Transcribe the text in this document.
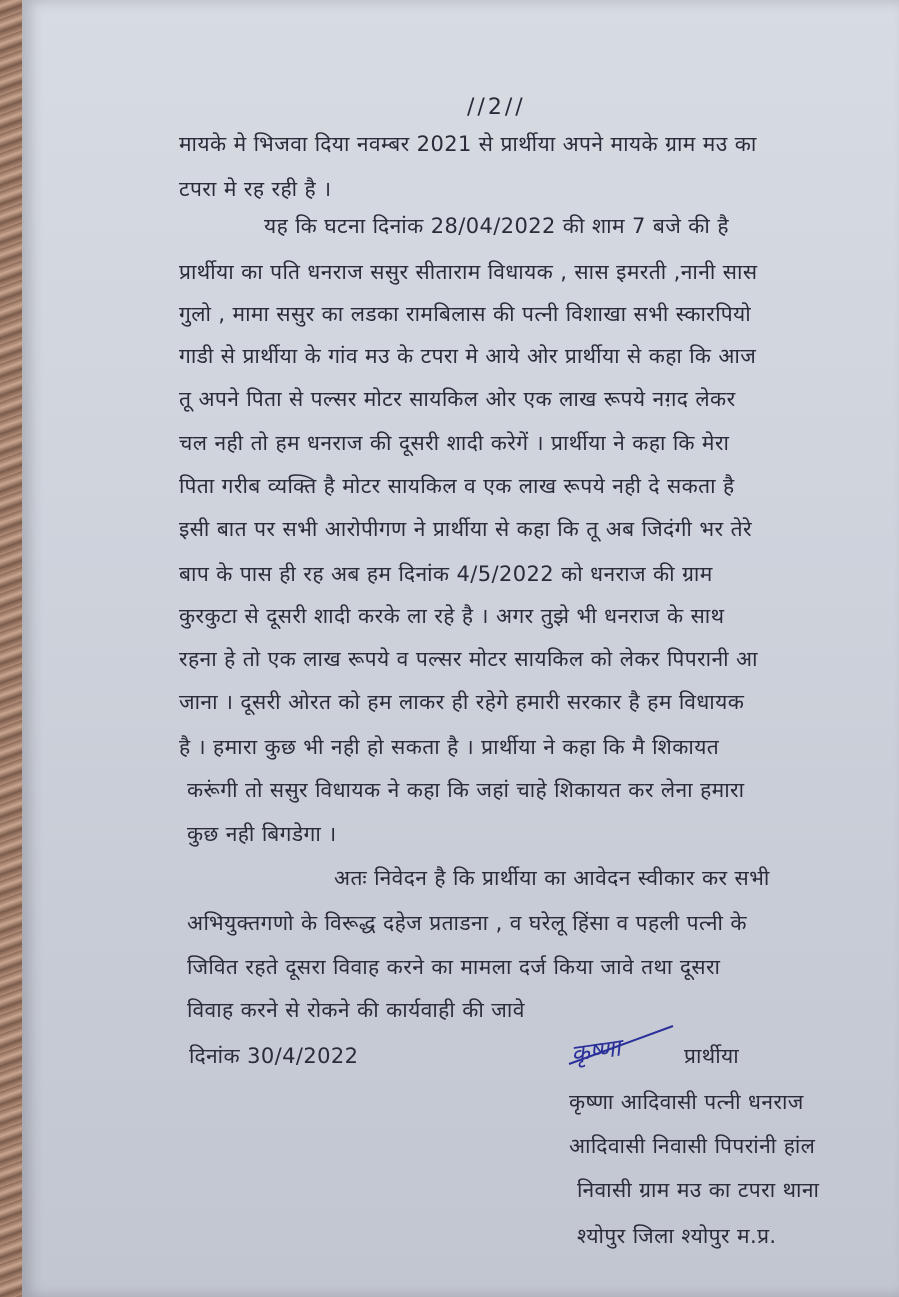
//2//
मायके मे भिजवा दिया नवम्बर 2021 से प्रार्थीया अपने मायके ग्राम मउ का
टपरा मे रह रही है ।
यह कि घटना दिनांक 28/04/2022 की शाम 7 बजे की है
प्रार्थीया का पति धनराज ससुर सीताराम विधायक , सास इमरती ,नानी सास
गुलो , मामा ससुर का लडका रामबिलास की पत्नी विशाखा सभी स्कारपियो
गाडी से प्रार्थीया के गांव मउ के टपरा मे आये ओर प्रार्थीया से कहा कि आज
तू अपने पिता से पल्सर मोटर सायकिल ओर एक लाख रूपये नग़द लेकर
चल नही तो हम धनराज की दूसरी शादी करेगें । प्रार्थीया ने कहा कि मेरा
पिता गरीब व्यक्ति है मोटर सायकिल व एक लाख रूपये नही दे सकता है
इसी बात पर सभी आरोपीगण ने प्रार्थीया से कहा कि तू अब जिदंगी भर तेरे
बाप के पास ही रह अब हम दिनांक 4/5/2022 को धनराज की ग्राम
कुरकुटा से दूसरी शादी करके ला रहे है । अगर तुझे भी धनराज के साथ
रहना हे तो एक लाख रूपये व पल्सर मोटर सायकिल को लेकर पिपरानी आ
जाना । दूसरी ओरत को हम लाकर ही रहेगे हमारी सरकार है हम विधायक
है । हमारा कुछ भी नही हो सकता है । प्रार्थीया ने कहा कि मै शिकायत
करूंगी तो ससुर विधायक ने कहा कि जहां चाहे शिकायत कर लेना हमारा
कुछ नही बिगडेगा ।
अतः निवेदन है कि प्रार्थीया का आवेदन स्वीकार कर सभी
अभियुक्तगणो के विरूद्ध दहेज प्रताडना , व घरेलू हिंसा व पहली पत्नी के
जिवित रहते दूसरा विवाह करने का मामला दर्ज किया जावे तथा दूसरा
विवाह करने से रोकने की कार्यवाही की जावे
दिनांक 30/4/2022	कृष्णा	प्रार्थीया
कृष्णा आदिवासी पत्नी धनराज
आदिवासी निवासी पिपरांनी हांल
निवासी ग्राम मउ का टपरा थाना
श्योपुर जिला श्योपुर म.प्र.
